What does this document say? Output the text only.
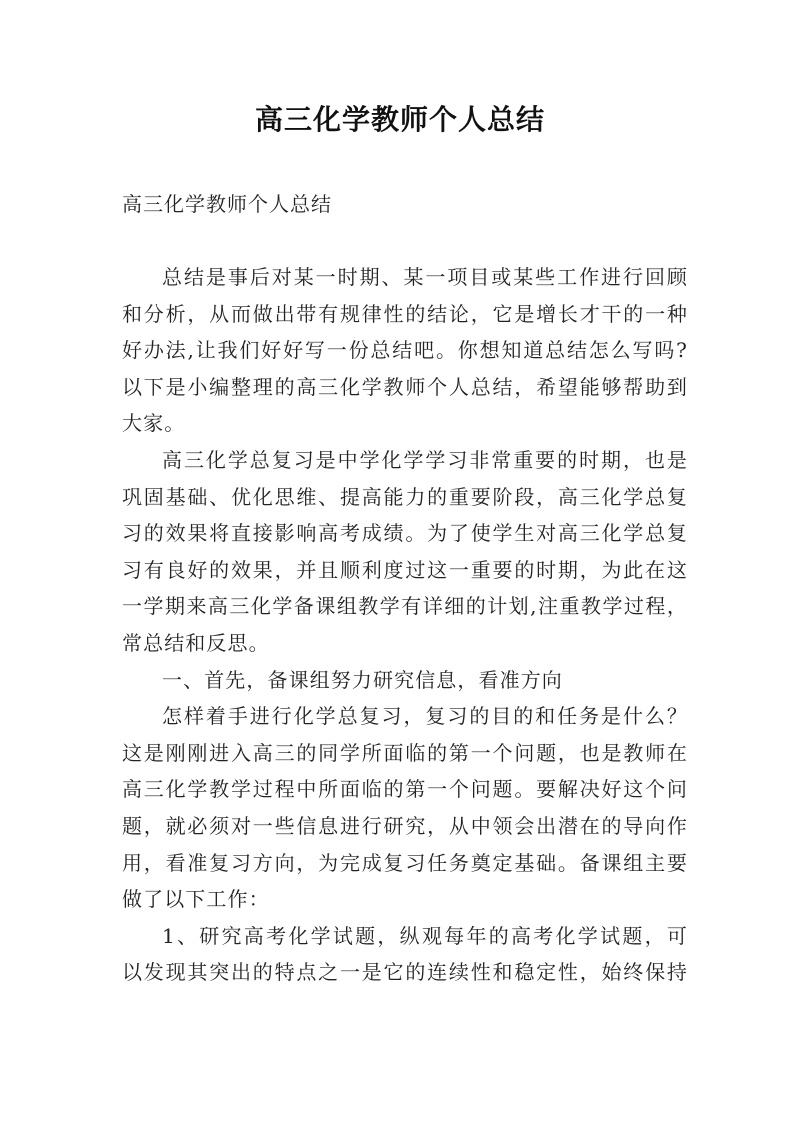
高三化学教师个人总结
高三化学教师个人总结

总结是事后对某一时期、某一项目或某些工作进行回顾
和分析，从而做出带有规律性的结论，它是增长才干的一种
好办法,让我们好好写一份总结吧。你想知道总结怎么写吗?
以下是小编整理的高三化学教师个人总结，希望能够帮助到
大家。

高三化学总复习是中学化学学习非常重要的时期，也是
巩固基础、优化思维、提高能力的重要阶段，高三化学总复
习的效果将直接影响高考成绩。为了使学生对高三化学总复
习有良好的效果，并且顺利度过这一重要的时期，为此在这
一学期来高三化学备课组教学有详细的计划,注重教学过程，
常总结和反思。

一、首先，备课组努力研究信息，看准方向

怎样着手进行化学总复习，复习的目的和任务是什么？
这是刚刚进入高三的同学所面临的第一个问题，也是教师在
高三化学教学过程中所面临的第一个问题。要解决好这个问
题，就必须对一些信息进行研究，从中领会出潜在的导向作
用，看准复习方向，为完成复习任务奠定基础。备课组主要
做了以下工作：

1、研究高考化学试题，纵观每年的高考化学试题，可
以发现其突出的特点之一是它的连续性和稳定性，始终保持
